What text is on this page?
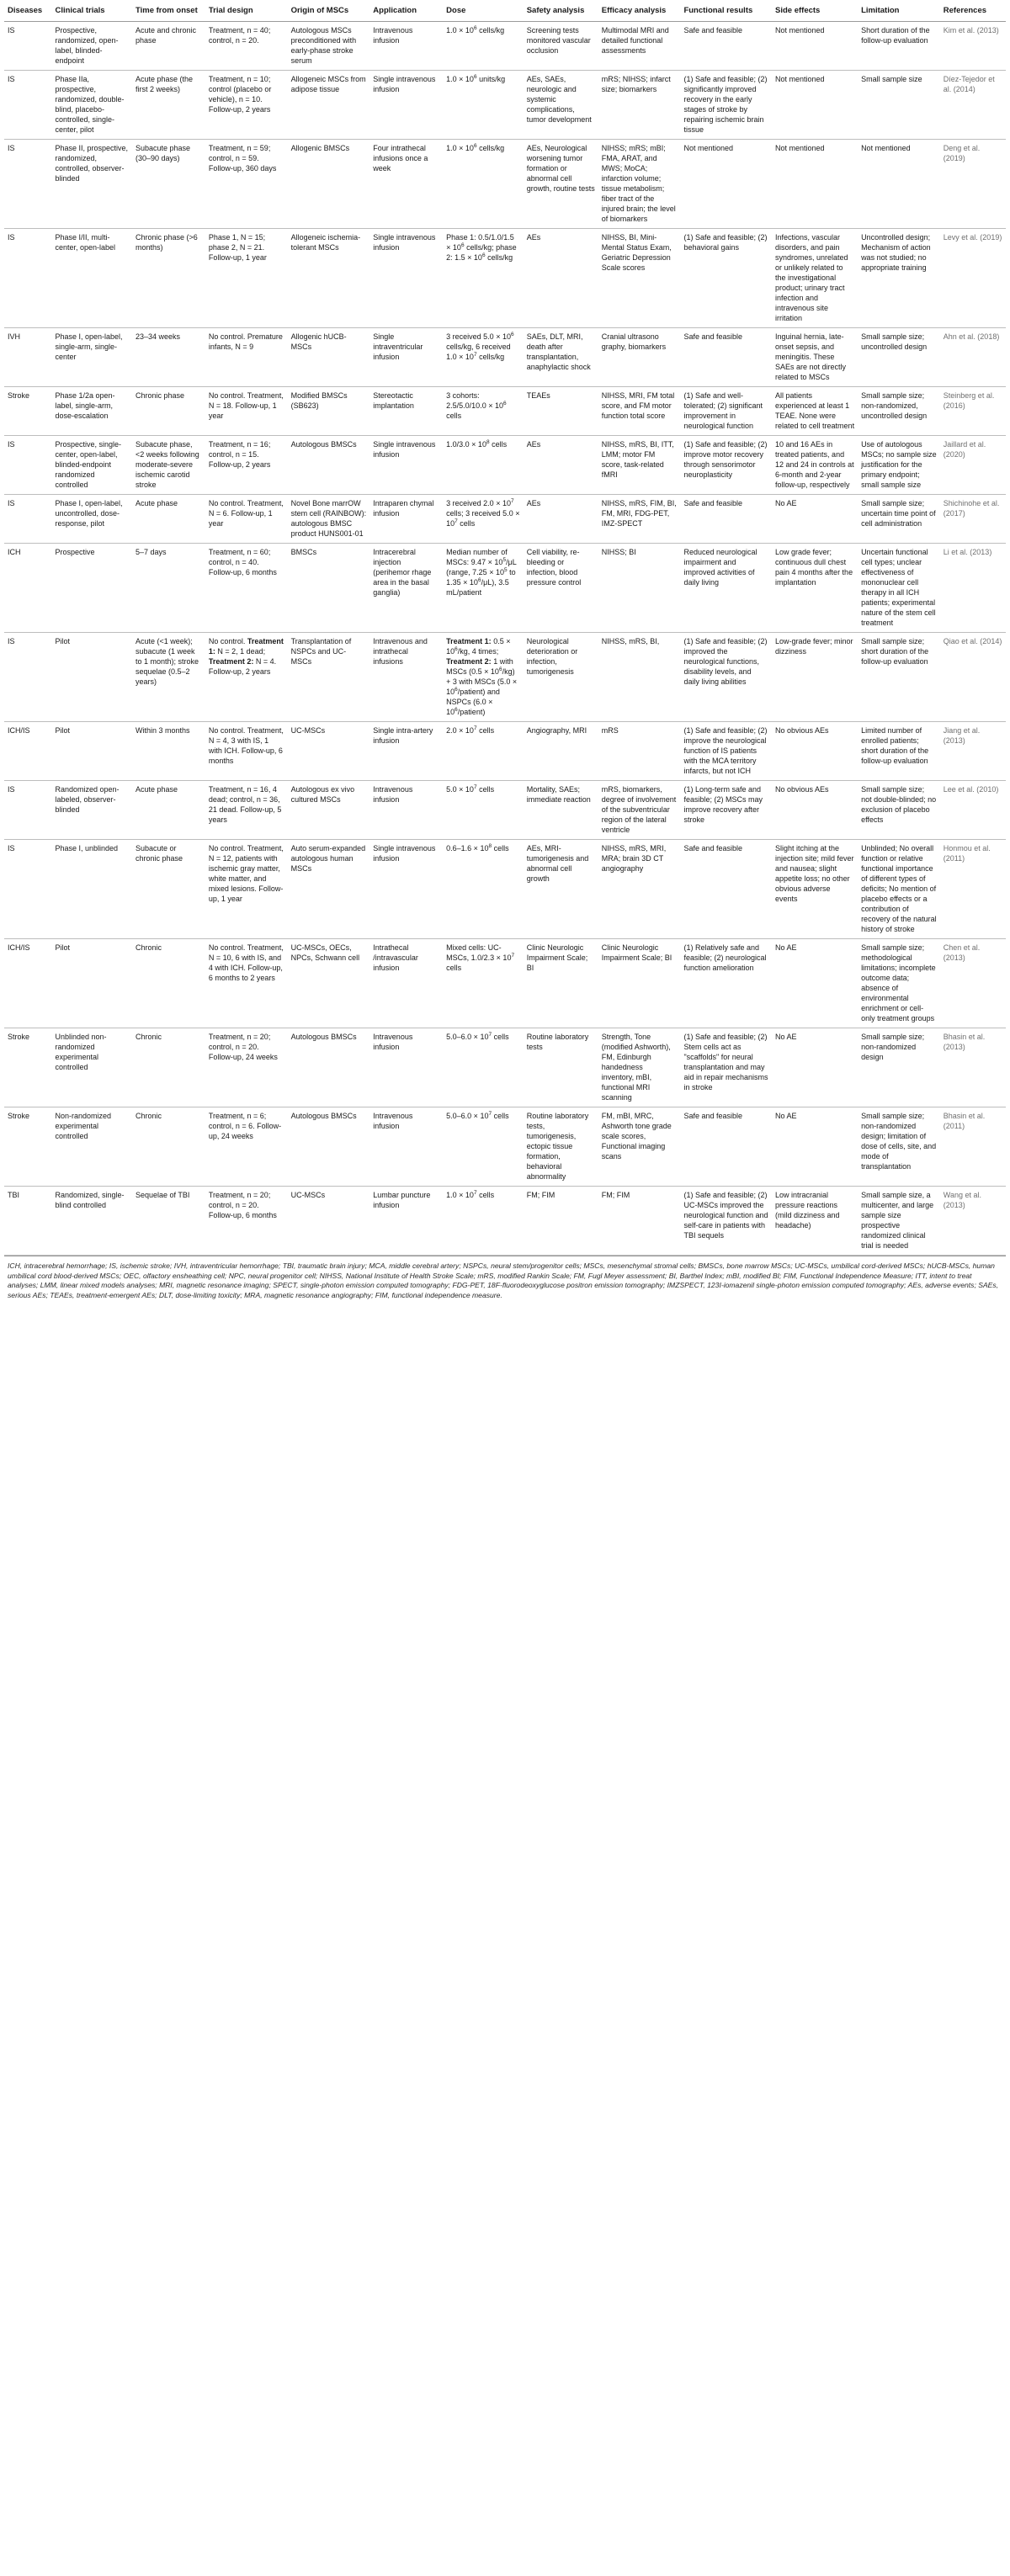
Diseases	Clinical trials	Time from onset	Trial design	Origin of MSCs	Application	Dose	Safety analysis	Efficacy analysis	Functional results	Side effects	Limitation	References
IS	Prospective, randomized, open-label, blinded-endpoint	Acute and chronic phase	Treatment, n = 40; control, n = 20.	Autologous MSCs preconditioned with early-phase stroke serum	Intravenous infusion	$1.0 \times 10^6$ cells/kg	Screening tests monitored vascular occlusion	Multimodal MRI and detailed functional assessments	Safe and feasible	Not mentioned	Short duration of the follow-up evaluation	Kim et al. (2013)
IS	Phase IIa, prospective, randomized, double-blind, placebo-controlled, single-center, pilot	Acute phase (the first 2 weeks)	Treatment, n = 10; control (placebo or vehicle), n = 10. Follow-up, 2 years	Allogeneic MSCs from adipose tissue	Single intravenous infusion	$1.0 \times 10^6$ units/kg	AEs, SAEs, neurologic and systemic complications, tumor development	mRS; NIHSS; infarct size; biomarkers	(1) Safe and feasible; (2) significantly improved recovery in the early stages of stroke by repairing ischemic brain tissue	Not mentioned	Small sample size	Díez-Tejedor et al. (2014)
IS	Phase II, prospective, randomized, controlled, observer-blinded	Subacute phase (30–90 days)	Treatment, n = 59; control, n = 59. Follow-up, 360 days	Allogenic BMSCs	Four intrathecal infusions once a week	$1.0 \times 10^6$ cells/kg	AEs, Neurological worsening tumor formation or abnormal cell growth, routine tests	NIHSS; mRS; mBI; FMA, ARAT, and MWS; MoCA; infarction volume; tissue metabolism; fiber tract of the injured brain; the level of biomarkers	Not mentioned	Not mentioned	Not mentioned	Deng et al. (2019)
IS	Phase I/II, multi-center, open-label	Chronic phase (>6 months)	Phase 1, N = 15; phase 2, N = 21. Follow-up, 1 year	Allogeneic ischemia-tolerant MSCs	Single intravenous infusion	Phase 1: $0.5/1.0/1.5 \times 10^6$ cells/kg; phase 2: $1.5 \times 10^6$ cells/kg	AEs	NIHSS, BI, Mini-Mental Status Exam, Geriatric Depression Scale scores	(1) Safe and feasible; (2) behavioral gains	Infections, vascular disorders, and pain syndromes, unrelated or unlikely related to the investigational product; urinary tract infection and intravenous site irritation	Uncontrolled design; Mechanism of action was not studied; no appropriate training	Levy et al. (2019)
IVH	Phase I, open-label, single-arm, single-center	23–34 weeks	No control. Premature infants, N = 9	Allogenic hUCB-MSCs	Single intraventricular infusion	3 received $5.0 \times 10^6$ cells/kg, 6 received $1.0 \times 10^7$ cells/kg	SAEs, DLT, MRI, death after transplantation, anaphylactic shock	Cranial ultrasono graphy, biomarkers	Safe and feasible	Inguinal hernia, late-onset sepsis, and meningitis. These SAEs are not directly related to MSCs	Small sample size; uncontrolled design	Ahn et al. (2018)
Stroke	Phase 1/2a open-label, single-arm, dose-escalation	Chronic phase	No control. Treatment, N = 18. Follow-up, 1 year	Modified BMSCs (SB623)	Stereotactic implantation	3 cohorts: $2.5/5.0/10.0 \times 10^6$ cells	TEAEs	NIHSS, MRI, FM total score, and FM motor function total score	(1) Safe and well-tolerated; (2) significant improvement in neurological function	All patients experienced at least 1 TEAE. None were related to cell treatment	Small sample size; non-randomized, uncontrolled design	Steinberg et al. (2016)
IS	Prospective, single-center, open-label, blinded-endpoint randomized controlled	Subacute phase, <2 weeks following moderate-severe ischemic carotid stroke	Treatment, n = 16; control, n = 15. Follow-up, 2 years	Autologous BMSCs	Single intravenous infusion	$1.0/3.0 \times 10^8$ cells	AEs	NIHSS, mRS, BI, ITT, LMM; motor FM score, task-related fMRI	(1) Safe and feasible; (2) improve motor recovery through sensorimotor neuroplasticity	10 and 16 AEs in treated patients, and 12 and 24 in controls at 6-month and 2-year follow-up, respectively	Use of autologous MSCs; no sample size justification for the primary endpoint; small sample size	Jaillard et al. (2020)
IS	Phase I, open-label, uncontrolled, dose-response, pilot	Acute phase	No control. Treatment, N = 6. Follow-up, 1 year	Novel Bone marrOW stem cell (RAINBOW): autologous BMSC product HUNS001-01	Intraparen chymal infusion	3 received $2.0 \times 10^7$ cells; 3 received $5.0 \times 10^7$ cells	AEs	NIHSS, mRS, FIM, BI, FM, MRI, FDG-PET, IMZ-SPECT	Safe and feasible	No AE	Small sample size; uncertain time point of cell administration	Shichinohe et al. (2017)
ICH	Prospective	5–7 days	Treatment, n = 60; control, n = 40. Follow-up, 6 months	BMSCs	Intracerebral injection (perihemor rhage area in the basal ganglia)	Median number of MSCs: $9.47 \times 10^5/\mu L$ (range, $7.25 \times 10^5$ to $1.35 \times 10^6/\mu L$), 3.5 mL/patient	Cell viability, re-bleeding or infection, blood pressure control	NIHSS; BI	Reduced neurological impairment and improved activities of daily living	Low grade fever; continuous dull chest pain 4 months after the implantation	Uncertain functional cell types; unclear effectiveness of mononuclear cell therapy in all ICH patients; experimental nature of the stem cell treatment	Li et al. (2013)
IS	Pilot	Acute (<1 week); subacute (1 week to 1 month); stroke sequelae (0.5–2 years)	No control. Treatment 1: N = 2, 1 dead; Treatment 2: N = 4. Follow-up, 2 years	Transplantation of NSPCs and UC-MSCs	Intravenous and intrathecal infusions	Treatment 1: $0.5 \times 10^6/kg$, 4 times; Treatment 2: 1 with MSCs $(0.5 \times 10^6/kg) + 3$ with MSCs $(5.0 \times 10^6/patient)$ and NSPCs $(6.0 \times 10^6/patient)$	Neurological deterioration or infection, tumorigenesis	NIHSS, mRS, BI,	(1) Safe and feasible; (2) improved the neurological functions, disability levels, and daily living abilities	Low-grade fever; minor dizziness	Small sample size; short duration of the follow-up evaluation	Qiao et al. (2014)
ICH/IS	Pilot	Within 3 months	No control. Treatment, N = 4, 3 with IS, 1 with ICH. Follow-up, 6 months	UC-MSCs	Single intra-artery infusion	$2.0 \times 10^7$ cells	Angiography, MRI	mRS	(1) Safe and feasible; (2) improve the neurological function of IS patients with the MCA territory infarcts, but not ICH	No obvious AEs	Limited number of enrolled patients; short duration of the follow-up evaluation	Jiang et al. (2013)
IS	Randomized open-labeled, observer-blinded	Acute phase	Treatment, n = 16, 4 dead; control, n = 36, 21 dead. Follow-up, 5 years	Autologous ex vivo cultured MSCs	Intravenous infusion	$5.0 \times 10^7$ cells	Mortality, SAEs; immediate reaction	mRS, biomarkers, degree of involvement of the subventricular region of the lateral ventricle	(1) Long-term safe and feasible; (2) MSCs may improve recovery after stroke	No obvious AEs	Small sample size; not double-blinded; no exclusion of placebo effects	Lee et al. (2010)
IS	Phase I, unblinded	Subacute or chronic phase	No control. Treatment, N = 12, patients with ischemic gray matter, white matter, and mixed lesions. Follow-up, 1 year	Auto serum-expanded autologous human MSCs	Single intravenous infusion	$0.6-1.6 \times 10^8$ cells	AEs, MRI-tumorigenesis and abnormal cell growth	NIHSS, mRS, MRI, MRA; brain 3D CT angiography	Safe and feasible	Slight itching at the injection site; mild fever and nausea; slight appetite loss; no other obvious adverse events	Unblinded; No overall function or relative functional importance of different types of deficits; No mention of placebo effects or a contribution of recovery of the natural history of stroke	Honmou et al. (2011)
ICH/IS	Pilot	Chronic	No control. Treatment, N = 10, 6 with IS, and 4 with ICH. Follow-up, 6 months to 2 years	UC-MSCs, OECs, NPCs, Schwann cell	Intrathecal /intravascular infusion	Mixed cells: UC-MSCs, $1.0/2.3 \times 10^7$ cells	Clinic Neurologic Impairment Scale; BI	Clinic Neurologic Impairment Scale; BI	(1) Relatively safe and feasible; (2) neurological function amelioration	No AE	Small sample size; methodological limitations; incomplete outcome data; absence of environmental enrichment or cell-only treatment groups	Chen et al. (2013)
Stroke	Unblinded non-randomized experimental controlled	Chronic	Treatment, n = 20; control, n = 20. Follow-up, 24 weeks	Autologous BMSCs	Intravenous infusion	$5.0-6.0 \times 10^7$ cells	Routine laboratory tests	Strength, Tone (modified Ashworth), FM, Edinburgh handedness inventory, mBI, functional MRI scanning	(1) Safe and feasible; (2) Stem cells act as "scaffolds" for neural transplantation and may aid in repair mechanisms in stroke	No AE	Small sample size; non-randomized design	Bhasin et al. (2013)
Stroke	Non-randomized experimental controlled	Chronic	Treatment, n = 6; control, n = 6. Follow-up, 24 weeks	Autologous BMSCs	Intravenous infusion	$5.0-6.0 \times 10^7$ cells	Routine laboratory tests, tumorigenesis, ectopic tissue formation, behavioral abnormality	FM, mBI, MRC, Ashworth tone grade scale scores, Functional imaging scans	Safe and feasible	No AE	Small sample size; non-randomized design; limitation of dose of cells, site, and mode of transplantation	Bhasin et al. (2011)
TBI	Randomized, single-blind controlled	Sequelae of TBI	Treatment, n = 20; control, n = 20. Follow-up, 6 months	UC-MSCs	Lumbar puncture infusion	$1.0 \times 10^7$ cells	FM; FIM	FM; FIM	(1) Safe and feasible; (2) UC-MSCs improved the neurological function and self-care in patients with TBI sequels	Low intracranial pressure reactions (mild dizziness and headache)	Small sample size, a multicenter, and large sample size prospective randomized clinical trial is needed	Wang et al. (2013)
ICH, intracerebral hemorrhage; IS, ischemic stroke; IVH, intraventricular hemorrhage; TBI, traumatic brain injury; MCA, middle cerebral artery; NSPCs, neural stem/progenitor cells; MSCs, mesenchymal stromal cells; BMSCs, bone marrow MSCs; UC-MSCs, umbilical cord-derived MSCs; hUCB-MSCs, human umbilical cord blood-derived MSCs; OEC, olfactory ensheathing cell; NPC, neural progenitor cell; NIHSS, National Institute of Health Stroke Scale; mRS, modified Rankin Scale; FM, Fugl Meyer assessment; BI, Barthel Index; mBI, modified BI; FIM, Functional Independence Measure; ITT, intent to treat analyses; LMM, linear mixed models analyses; MRI, magnetic resonance imaging; SPECT, single-photon emission computed tomography; FDG-PET, 18F-fluorodeoxyglucose positron emission tomography; IMZSPECT, 123I-iomazenil single-photon emission computed tomography; AEs, adverse events; SAEs, serious AEs; TEAEs, treatment-emergent AEs; DLT, dose-limiting toxicity; MRA, magnetic resonance angiography; FIM, functional independence measure.
